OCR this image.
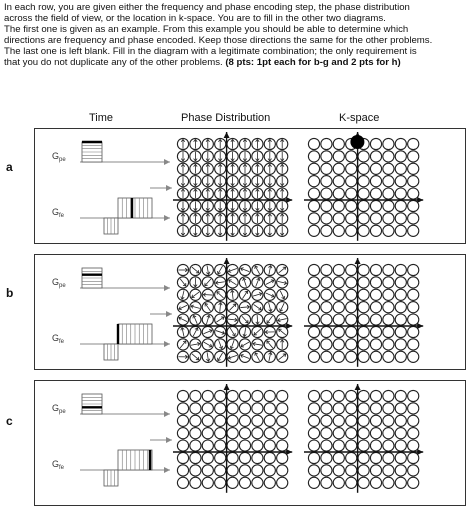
In each row, you are given either the frequency and phase encoding step, the phase distribution
across the field of view, or the location in k-space. You are to fill in the other two diagrams.
The first one is given as an example. From this example you should be able to determine which
directions are frequency and phase encoded. Keep those directions the same for the other problems.
The last one is left blank. Fill in the diagram with a legitimate combination; the only requirement is
that you do not duplicate any of the other problems. (8 pts: 1pt each for b-g and 2 pts for h)
Time	Phase Distribution	K-space
a
b
c
$G_{pe}$
$G_{fe}$
$G_{pe}$
$G_{fe}$
$G_{pe}$
$G_{fe}$
